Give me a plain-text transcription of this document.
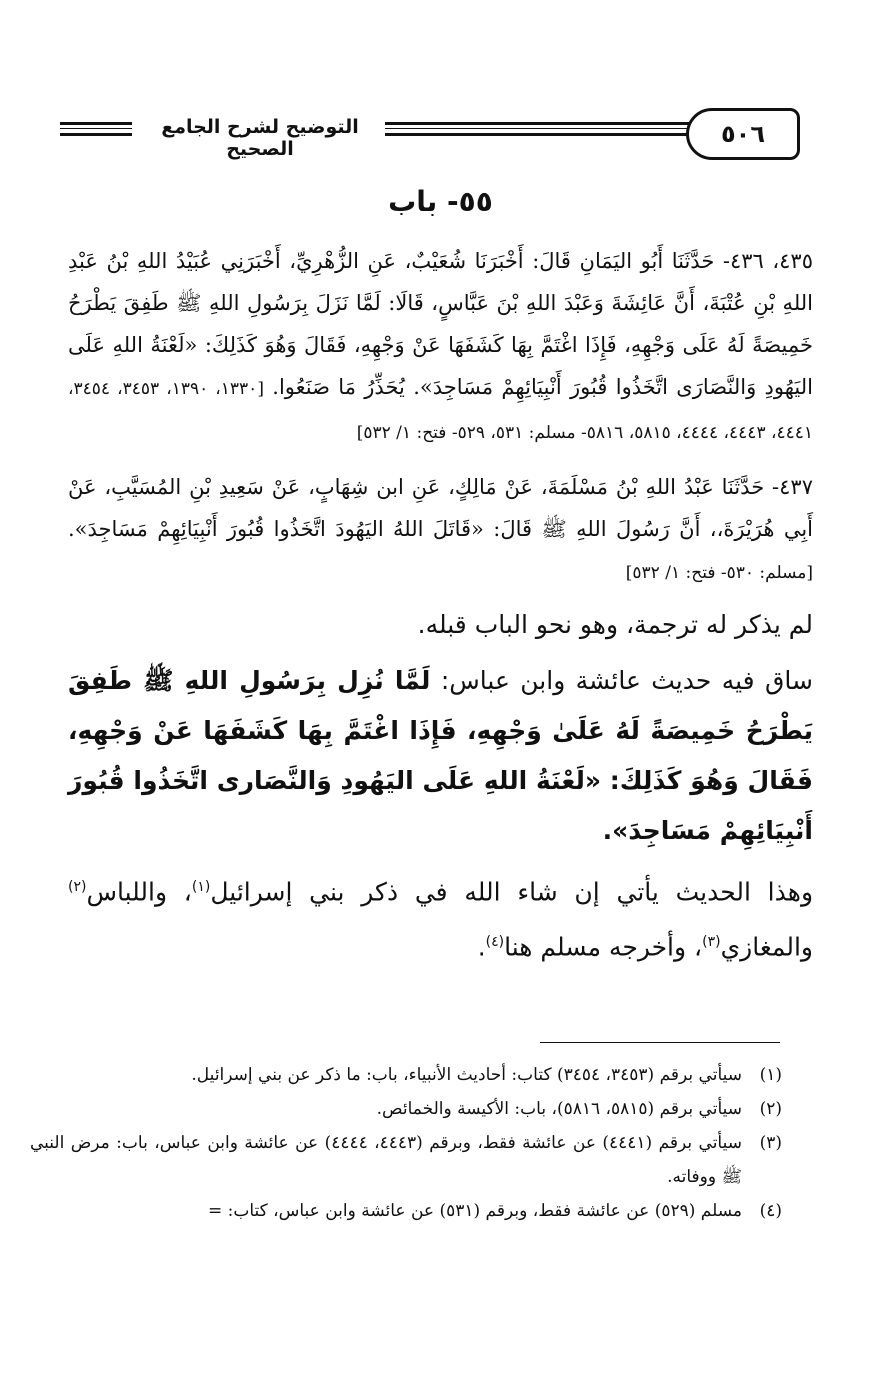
التوضيح لشرح الجامع الصحيح
٥٠٦
٥٥- باب

٤٣٥، ٤٣٦- حَدَّثَنَا أَبُو اليَمَانِ قَالَ: أَخْبَرَنَا شُعَيْبٌ، عَنِ الزُّهْرِيِّ، أَخْبَرَنِي عُبَيْدُ اللهِ بْنُ عَبْدِ اللهِ بْنِ عُتْبَةَ، أَنَّ عَائِشَةَ وَعَبْدَ اللهِ بْنَ عَبَّاسٍ، قَالَا: لَمَّا نَزَلَ بِرَسُولِ اللهِ ﷺ طَفِقَ يَطْرَحُ خَمِيصَةً لَهُ عَلَى وَجْهِهِ، فَإِذَا اغْتَمَّ بِهَا كَشَفَهَا عَنْ وَجْهِهِ، فَقَالَ وَهُوَ كَذَلِكَ: «لَعْنَةُ اللهِ عَلَى اليَهُودِ وَالنَّصَارَى اتَّخَذُوا قُبُورَ أَنْبِيَائِهِمْ مَسَاجِدَ». يُحَذِّرُ مَا صَنَعُوا. [١٣٣٠، ١٣٩٠، ٣٤٥٣، ٣٤٥٤، ٤٤٤١، ٤٤٤٣، ٤٤٤٤، ٥٨١٥، ٥٨١٦- مسلم: ٥٣١، ٥٢٩- فتح: ١/ ٥٣٢]

٤٣٧- حَدَّثَنَا عَبْدُ اللهِ بْنُ مَسْلَمَةَ، عَنْ مَالِكٍ، عَنِ ابن شِهَابٍ، عَنْ سَعِيدِ بْنِ المُسَيَّبِ، عَنْ أَبِي هُرَيْرَةَ،، أَنَّ رَسُولَ اللهِ ﷺ قَالَ: «قَاتَلَ اللهُ اليَهُودَ اتَّخَذُوا قُبُورَ أَنْبِيَائِهِمْ مَسَاجِدَ». [مسلم: ٥٣٠- فتح: ١/ ٥٣٢]

لم يذكر له ترجمة، وهو نحو الباب قبله.

ساق فيه حديث عائشة وابن عباس: لَمَّا نُزِل بِرَسُولِ اللهِ ﷺ طَفِقَ يَطْرَحُ خَمِيصَةً لَهُ عَلَىٰ وَجْهِهِ، فَإِذَا اغْتَمَّ بِهَا كَشَفَهَا عَنْ وَجْهِهِ، فَقَالَ وَهُوَ كَذَلِكَ: «لَعْنَةُ اللهِ عَلَى اليَهُودِ وَالنَّصَارى اتَّخَذُوا قُبُورَ أَنْبِيَائِهِمْ مَسَاجِدَ».

وهذا الحديث يأتي إن شاء الله في ذكر بني إسرائيل$^{(١)}$، واللباس$^{(٢)}$ والمغازي$^{(٣)}$، وأخرجه مسلم هنا$^{(٤)}$.

(١)
سيأتي برقم (٣٤٥٣، ٣٤٥٤) كتاب: أحاديث الأنبياء، باب: ما ذكر عن بني إسرائيل.
(٢)
سيأتي برقم (٥٨١٥، ٥٨١٦)، باب: الأكيسة والخمائص.
(٣)
سيأتي برقم (٤٤٤١) عن عائشة فقط، وبرقم (٤٤٤٣، ٤٤٤٤) عن عائشة وابن عباس، باب: مرض النبي ﷺ ووفاته.
(٤)
مسلم (٥٢٩) عن عائشة فقط، وبرقم (٥٣١) عن عائشة وابن عباس، كتاب: =
